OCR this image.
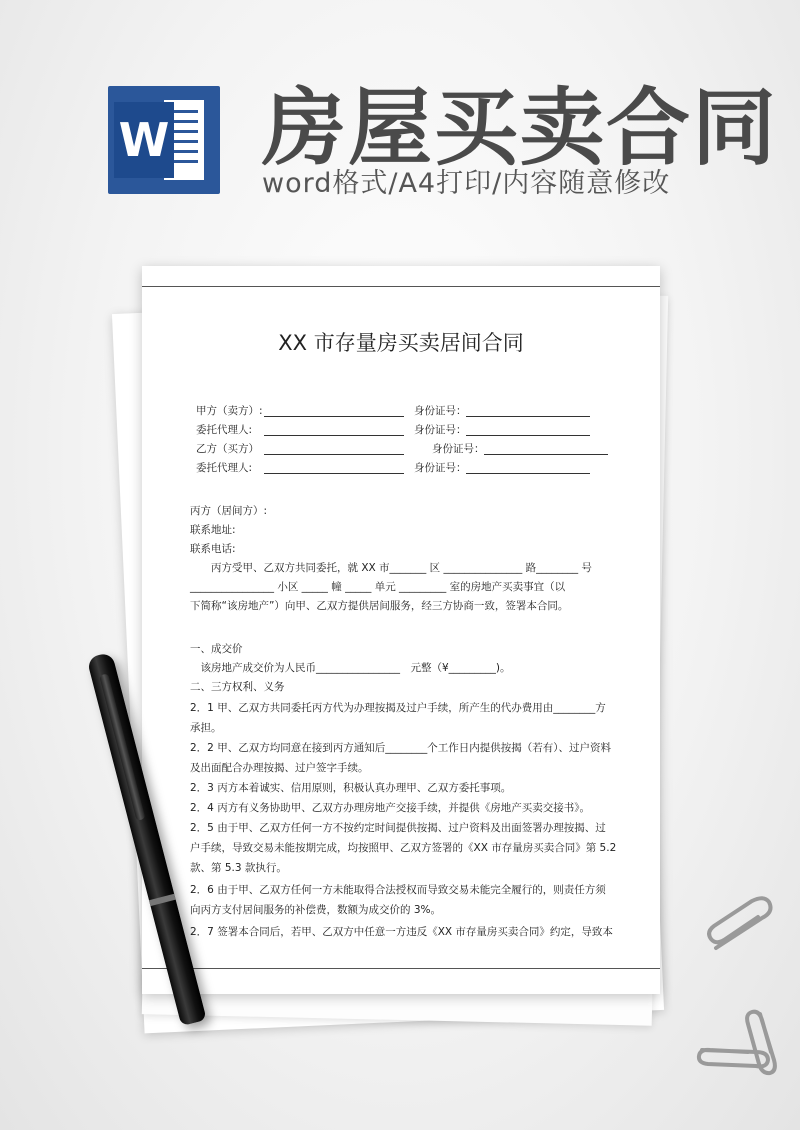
W 房屋买卖合同
word格式/A4打印/内容随意修改
XX 市存量房买卖居间合同
甲方（卖方）:	身份证号：
委托代理人:	身份证号：
乙方（买方）	身份证号：
委托代理人:	身份证号：
丙方（居间方）:
联系地址:
联系电话:
　　丙方受甲、乙双方共同委托，就 XX 市_______ 区 _______________ 路________ 号
________________ 小区 _____ 幢 _____ 单元 _________ 室的房地产买卖事宜（以
下简称“该房地产”）向甲、乙双方提供居间服务，经三方协商一致，签署本合同。
一、成交价
　该房地产成交价为人民币________________　元整（¥_________)。
二、三方权利、义务
2．1 甲、乙双方共同委托丙方代为办理按揭及过户手续，所产生的代办费用由________方
承担。
2．2 甲、乙双方均同意在接到丙方通知后________个工作日内提供按揭（若有）、过户资料
及出面配合办理按揭、过户签字手续。
2．3 丙方本着诚实、信用原则，积极认真办理甲、乙双方委托事项。
2．4 丙方有义务协助甲、乙双方办理房地产交接手续，并提供《房地产买卖交接书》。
2．5 由于甲、乙双方任何一方不按约定时间提供按揭、过户资料及出面签署办理按揭、过
户手续，导致交易未能按期完成，均按照甲、乙双方签署的《XX 市存量房买卖合同》第 5.2
款、第 5.3 款执行。
2．6 由于甲、乙双方任何一方未能取得合法授权而导致交易未能完全履行的，则责任方须
向丙方支付居间服务的补偿费，数额为成交价的 3%。
2．7 签署本合同后，若甲、乙双方中任意一方违反《XX 市存量房买卖合同》约定，导致本
